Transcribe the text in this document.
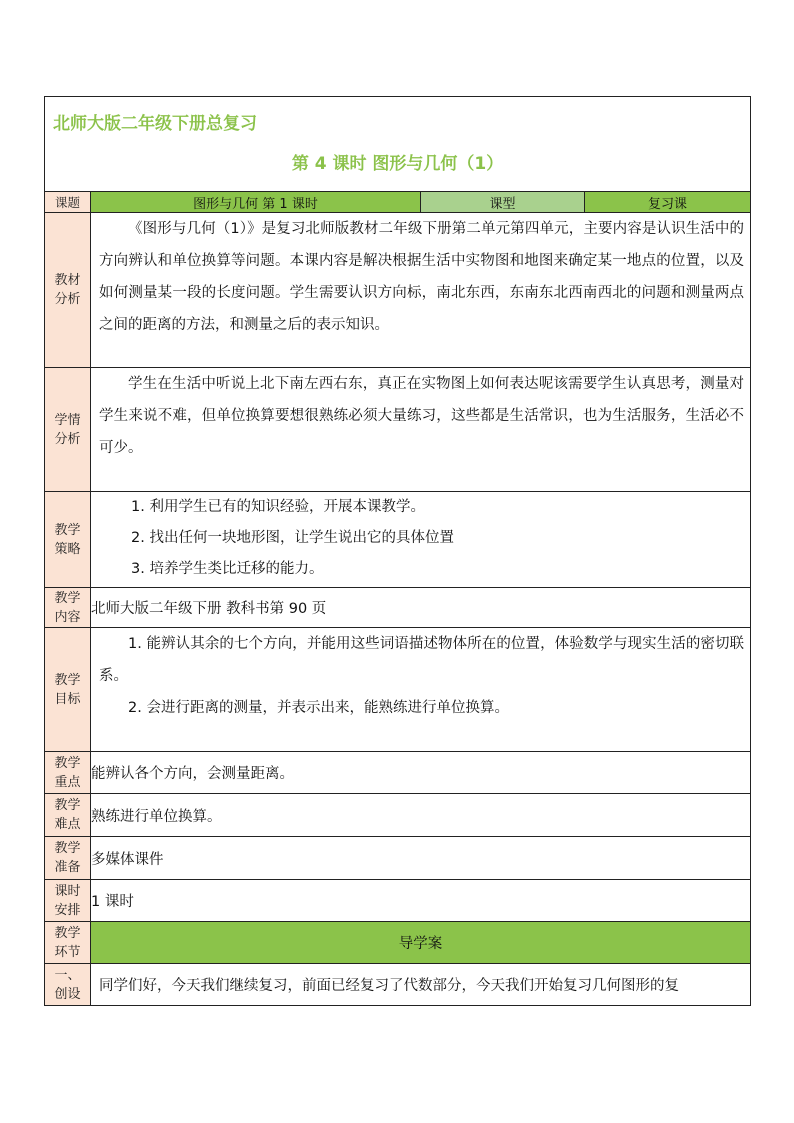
北师大版二年级下册总复习
第 4 课时 图形与几何（1）			

课题	图形与几何 第 1 课时	课型	复习课
教材分析	《图形与几何（1）》是复习北师版教材二年级下册第二单元第四单元，主要内容是认识生活中的方向辨认和单位换算等问题。本课内容是解决根据生活中实物图和地图来确定某一地点的位置，以及如何测量某一段的长度问题。学生需要认识方向标，南北东西，东南东北西南西北的问题和测量两点之间的距离的方法，和测量之后的表示知识。		

学情分析	学生在生活中听说上北下南左西右东，真正在实物图上如何表达呢该需要学生认真思考，测量对学生来说不难，但单位换算要想很熟练必须大量练习，这些都是生活常识，也为生活服务，生活必不可少。		

教学策略	1. 利用学生已有的知识经验，开展本课教学。
2. 找出任何一块地形图，让学生说出它的具体位置
3. 培养学生类比迁移的能力。		

教学内容	北师大版二年级下册 教科书第 90 页		
教学目标	1. 能辨认其余的七个方向，并能用这些词语描述物体所在的位置，体验数学与现实生活的密切联系。
2. 会进行距离的测量，并表示出来，能熟练进行单位换算。		

教学重点	能辨认各个方向，会测量距离。		
教学难点	熟练进行单位换算。		
教学准备	多媒体课件		
课时安排	1 课时		
教学环节	导学案		
一、创设	同学们好，今天我们继续复习，前面已经复习了代数部分，今天我们开始复习几何图形的复		
